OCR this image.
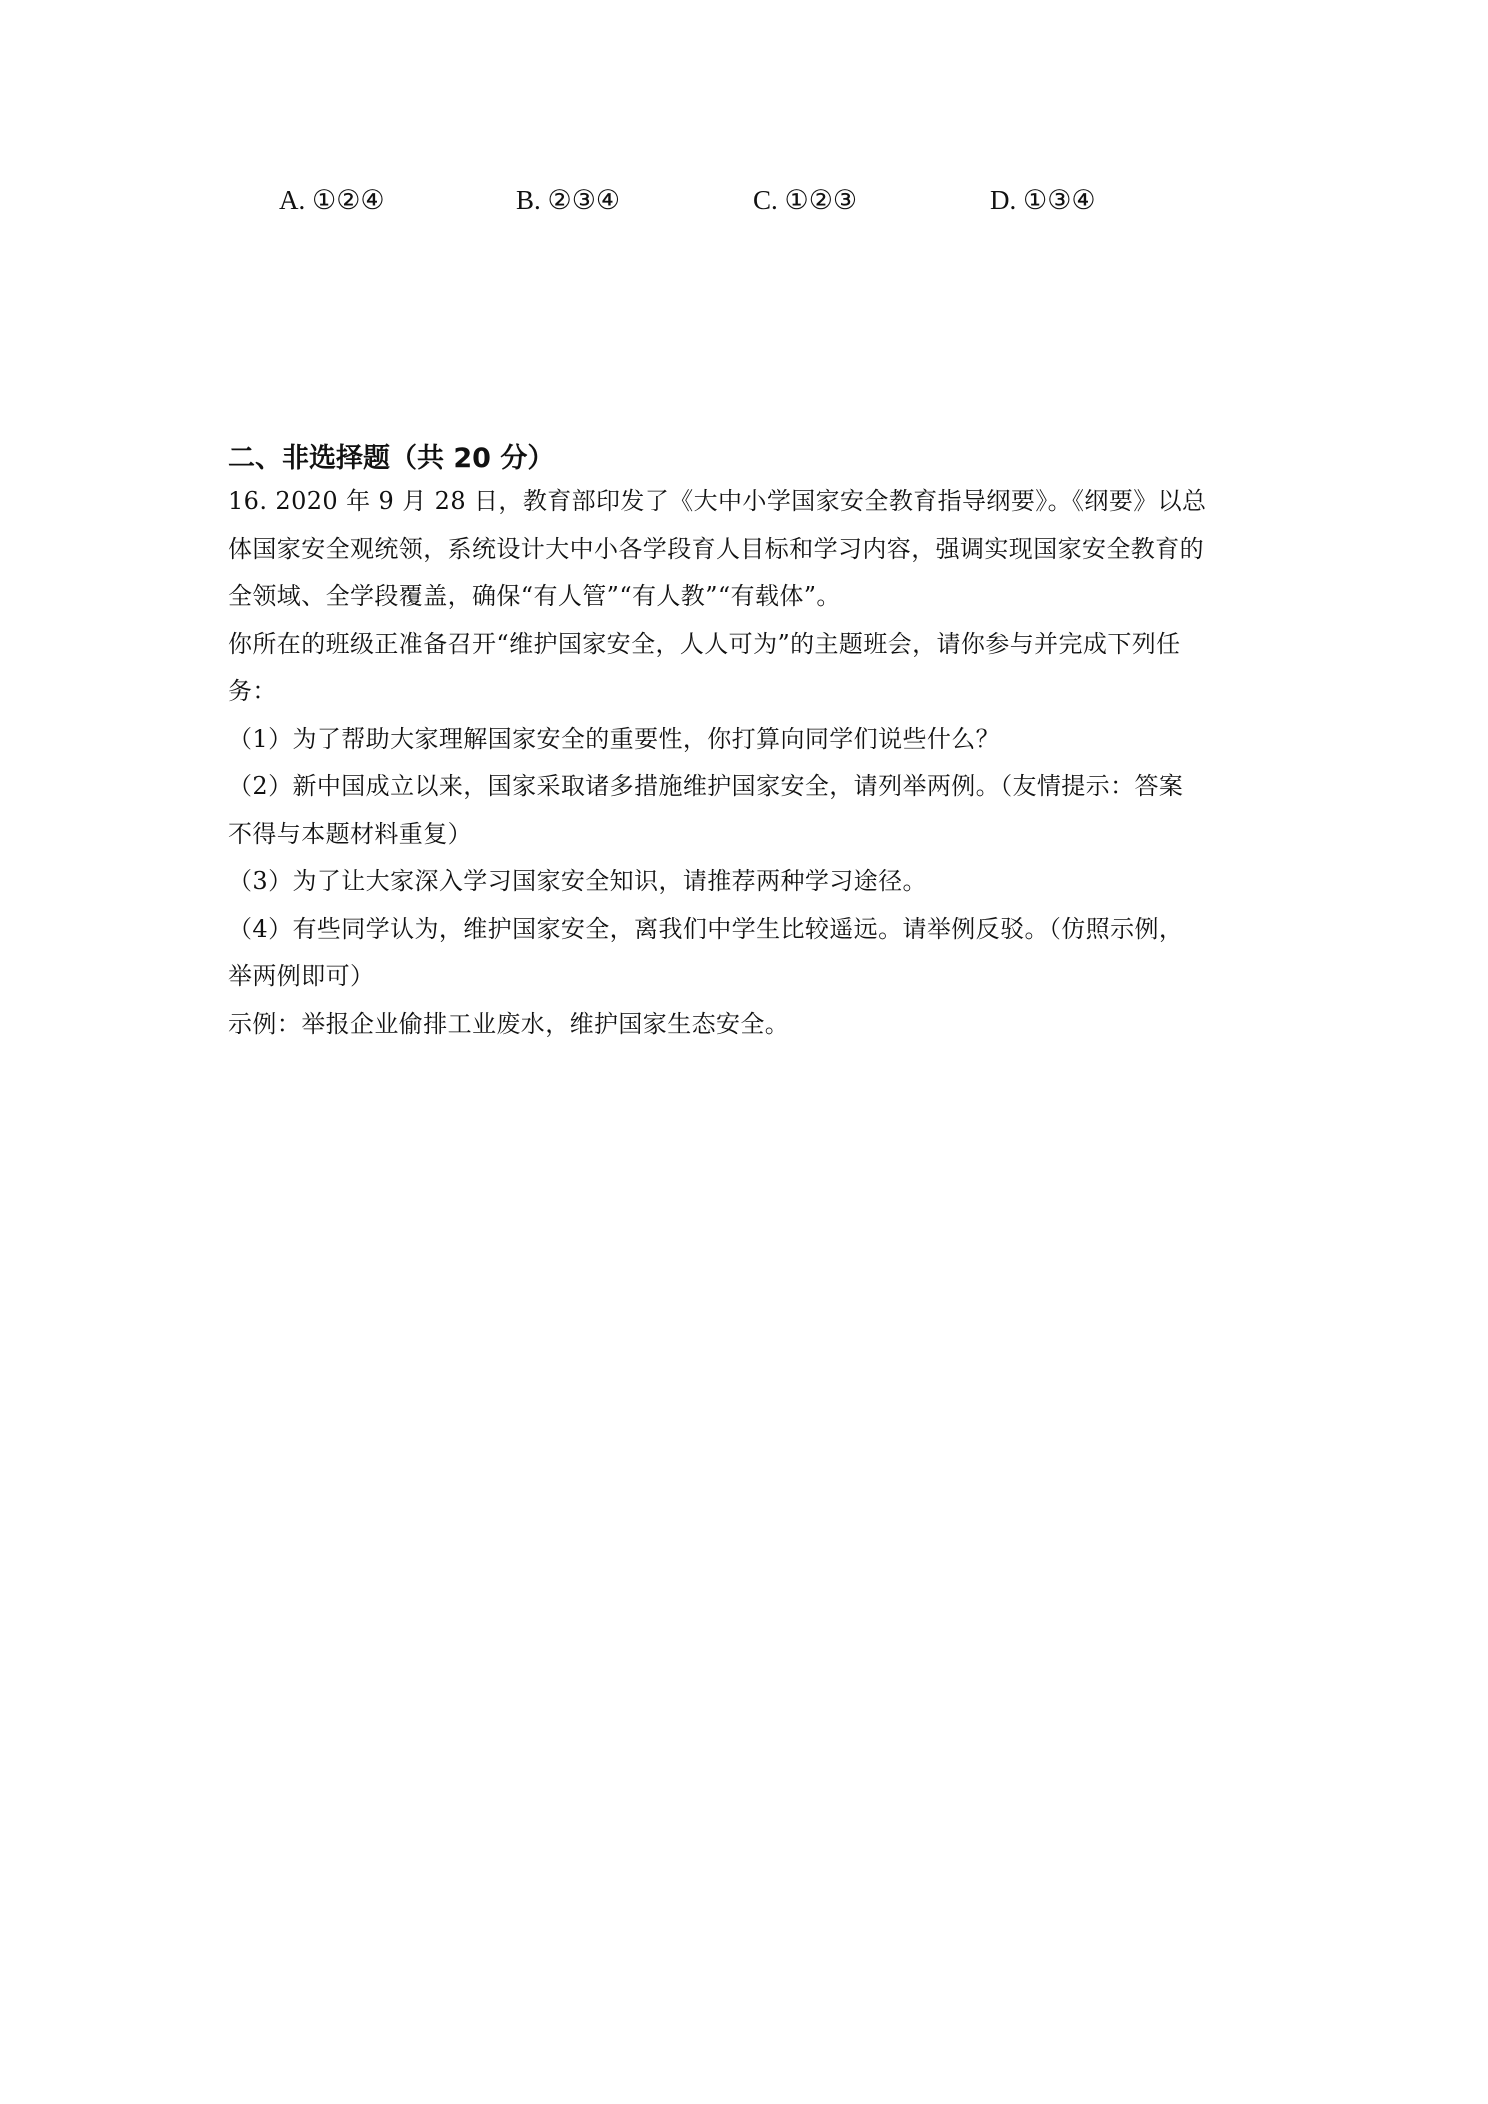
A. ①②④	B. ②③④	C. ①②③	D. ①③④
二、非选择题（共 20 分）
16. 2020 年 9 月 28 日，教育部印发了《大中小学国家安全教育指导纲要》。《纲要》以总
体国家安全观统领，系统设计大中小各学段育人目标和学习内容，强调实现国家安全教育的
全领域、全学段覆盖，确保“有人管”“有人教”“有载体”。
你所在的班级正准备召开“维护国家安全，人人可为”的主题班会，请你参与并完成下列任
务：
（1）为了帮助大家理解国家安全的重要性，你打算向同学们说些什么？
（2）新中国成立以来，国家采取诸多措施维护国家安全，请列举两例。（友情提示：答案
不得与本题材料重复）
（3）为了让大家深入学习国家安全知识，请推荐两种学习途径。
（4）有些同学认为，维护国家安全，离我们中学生比较遥远。请举例反驳。（仿照示例，
举两例即可）
示例：举报企业偷排工业废水，维护国家生态安全。
